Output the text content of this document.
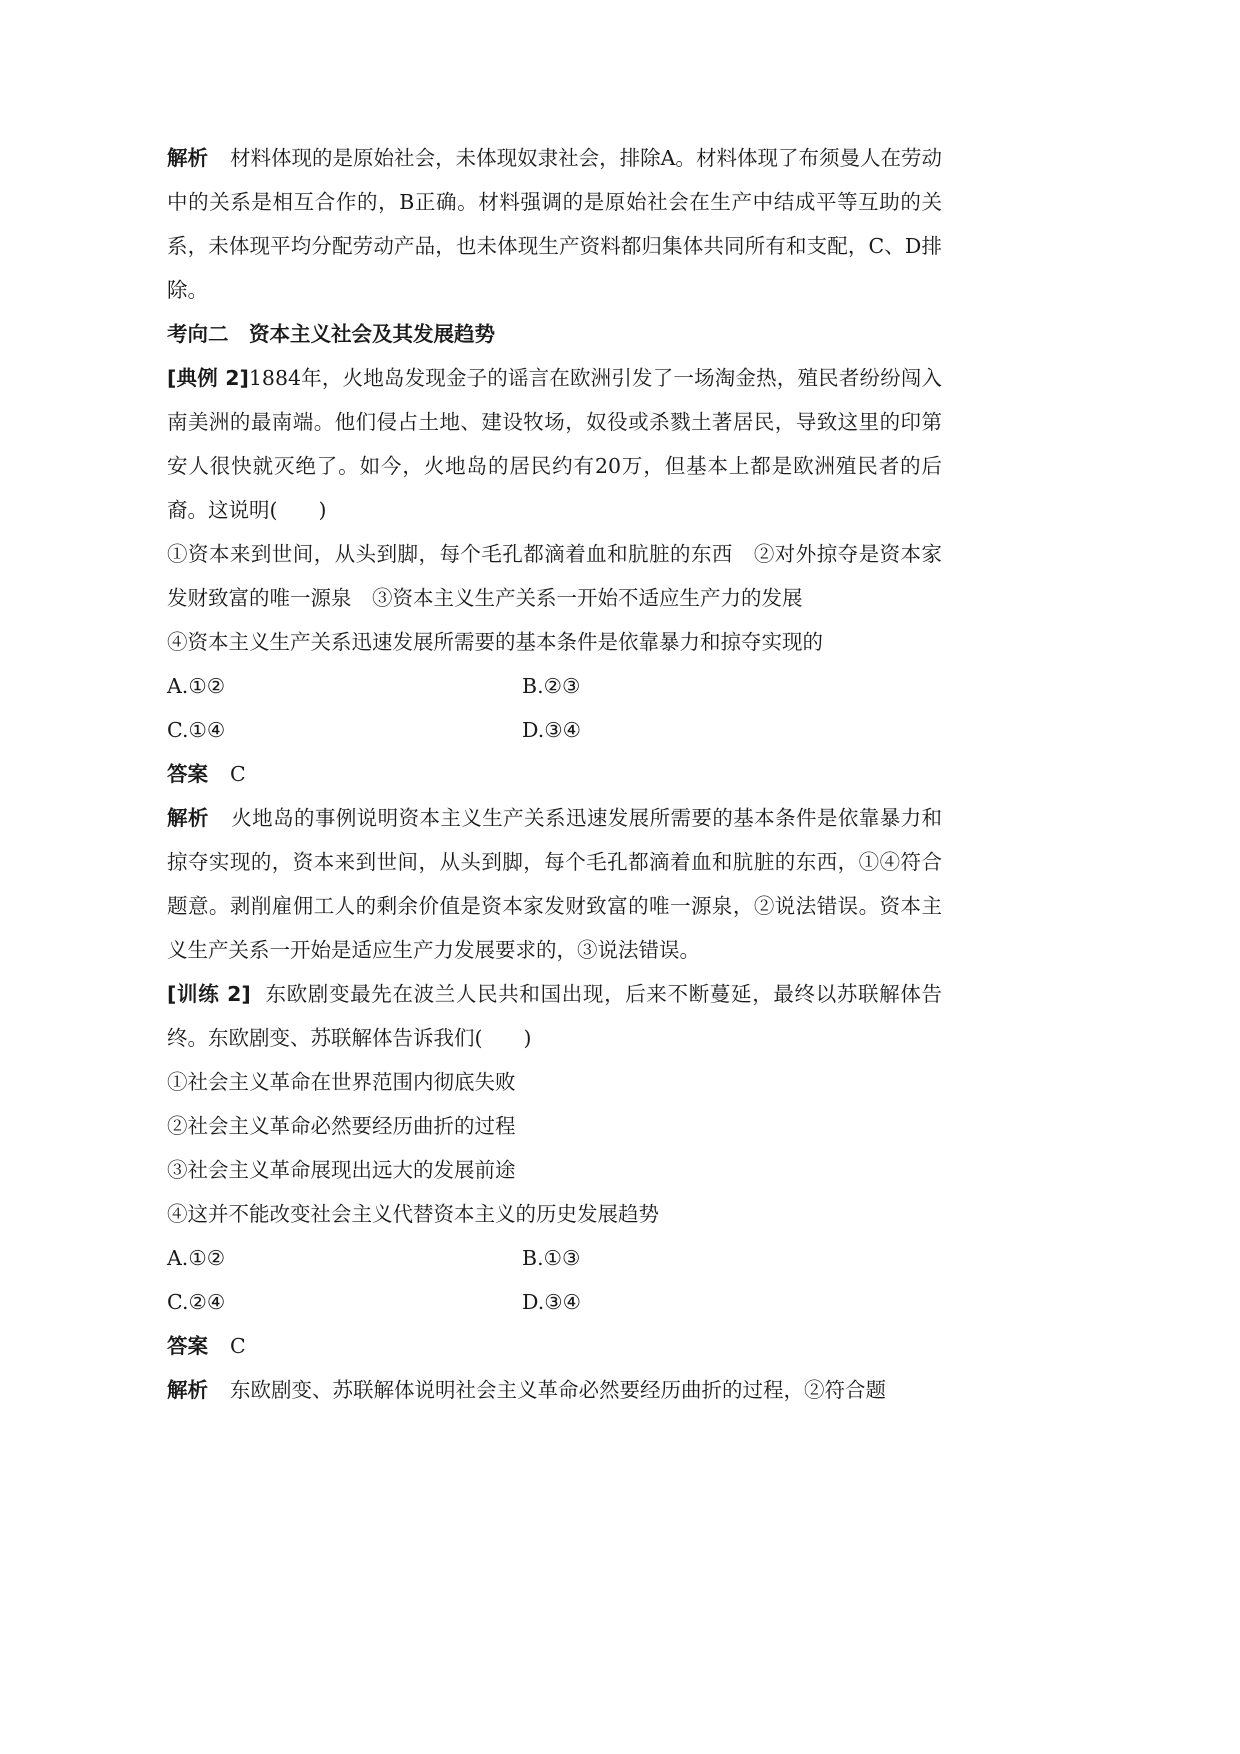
解析 材料体现的是原始社会，未体现奴隶社会，排除A。材料体现了布须曼人在劳动中的关系是相互合作的，B正确。材料强调的是原始社会在生产中结成平等互助的关系，未体现平均分配劳动产品，也未体现生产资料都归集体共同所有和支配，C、D排除。

考向二　资本主义社会及其发展趋势

[典例 2]1884年，火地岛发现金子的谣言在欧洲引发了一场淘金热，殖民者纷纷闯入南美洲的最南端。他们侵占土地、建设牧场，奴役或杀戮土著居民，导致这里的印第安人很快就灭绝了。如今，火地岛的居民约有20万，但基本上都是欧洲殖民者的后裔。这说明(　　)

①资本来到世间，从头到脚，每个毛孔都滴着血和肮脏的东西　②对外掠夺是资本家发财致富的唯一源泉　③资本主义生产关系一开始不适应生产力的发展

④资本主义生产关系迅速发展所需要的基本条件是依靠暴力和掠夺实现的

A.①②	B.②③
C.①④	D.③④

答案 C

解析 火地岛的事例说明资本主义生产关系迅速发展所需要的基本条件是依靠暴力和掠夺实现的，资本来到世间，从头到脚，每个毛孔都滴着血和肮脏的东西，①④符合题意。剥削雇佣工人的剩余价值是资本家发财致富的唯一源泉，②说法错误。资本主义生产关系一开始是适应生产力发展要求的，③说法错误。

[训练 2] 东欧剧变最先在波兰人民共和国出现，后来不断蔓延，最终以苏联解体告终。东欧剧变、苏联解体告诉我们(　　)

①社会主义革命在世界范围内彻底失败

②社会主义革命必然要经历曲折的过程

③社会主义革命展现出远大的发展前途

④这并不能改变社会主义代替资本主义的历史发展趋势

A.①②	B.①③
C.②④	D.③④

答案 C

解析 东欧剧变、苏联解体说明社会主义革命必然要经历曲折的过程，②符合题
